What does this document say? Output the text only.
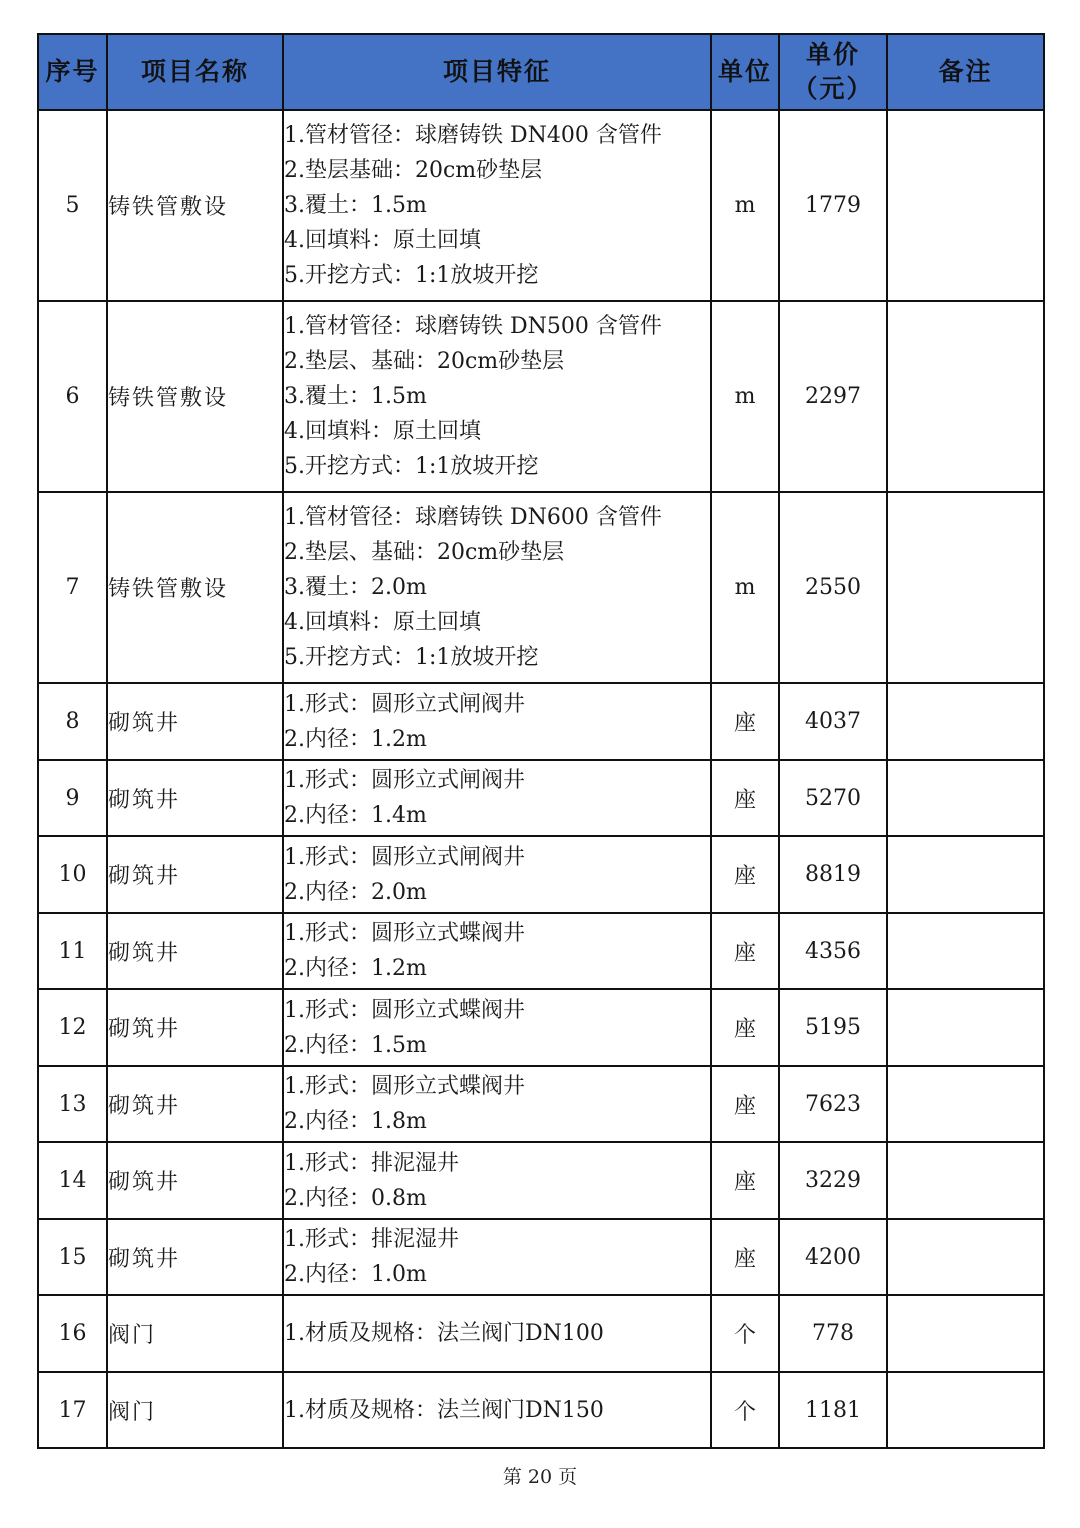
序号	项目名称	项目特征	单位	单价
（元）	备注
5	铸铁管敷设	1.管材管径：球磨铸铁 DN400 含管件
2.垫层基础：20cm砂垫层
3.覆土：1.5m
4.回填料：原土回填
5.开挖方式：1:1放坡开挖	m	1779	
6	铸铁管敷设	1.管材管径：球磨铸铁 DN500 含管件
2.垫层、基础：20cm砂垫层
3.覆土：1.5m
4.回填料：原土回填
5.开挖方式：1:1放坡开挖	m	2297	
7	铸铁管敷设	1.管材管径：球磨铸铁 DN600 含管件
2.垫层、基础：20cm砂垫层
3.覆土：2.0m
4.回填料：原土回填
5.开挖方式：1:1放坡开挖	m	2550	
8	砌筑井	1.形式：圆形立式闸阀井
2.内径：1.2m	座	4037	
9	砌筑井	1.形式：圆形立式闸阀井
2.内径：1.4m	座	5270	
10	砌筑井	1.形式：圆形立式闸阀井
2.内径：2.0m	座	8819	
11	砌筑井	1.形式：圆形立式蝶阀井
2.内径：1.2m	座	4356	
12	砌筑井	1.形式：圆形立式蝶阀井
2.内径：1.5m	座	5195	
13	砌筑井	1.形式：圆形立式蝶阀井
2.内径：1.8m	座	7623	
14	砌筑井	1.形式：排泥湿井
2.内径：0.8m	座	3229	
15	砌筑井	1.形式：排泥湿井
2.内径：1.0m	座	4200	
16	阀门	1.材质及规格：法兰阀门DN100	个	778	
17	阀门	1.材质及规格：法兰阀门DN150	个	1181	
第 20 页
